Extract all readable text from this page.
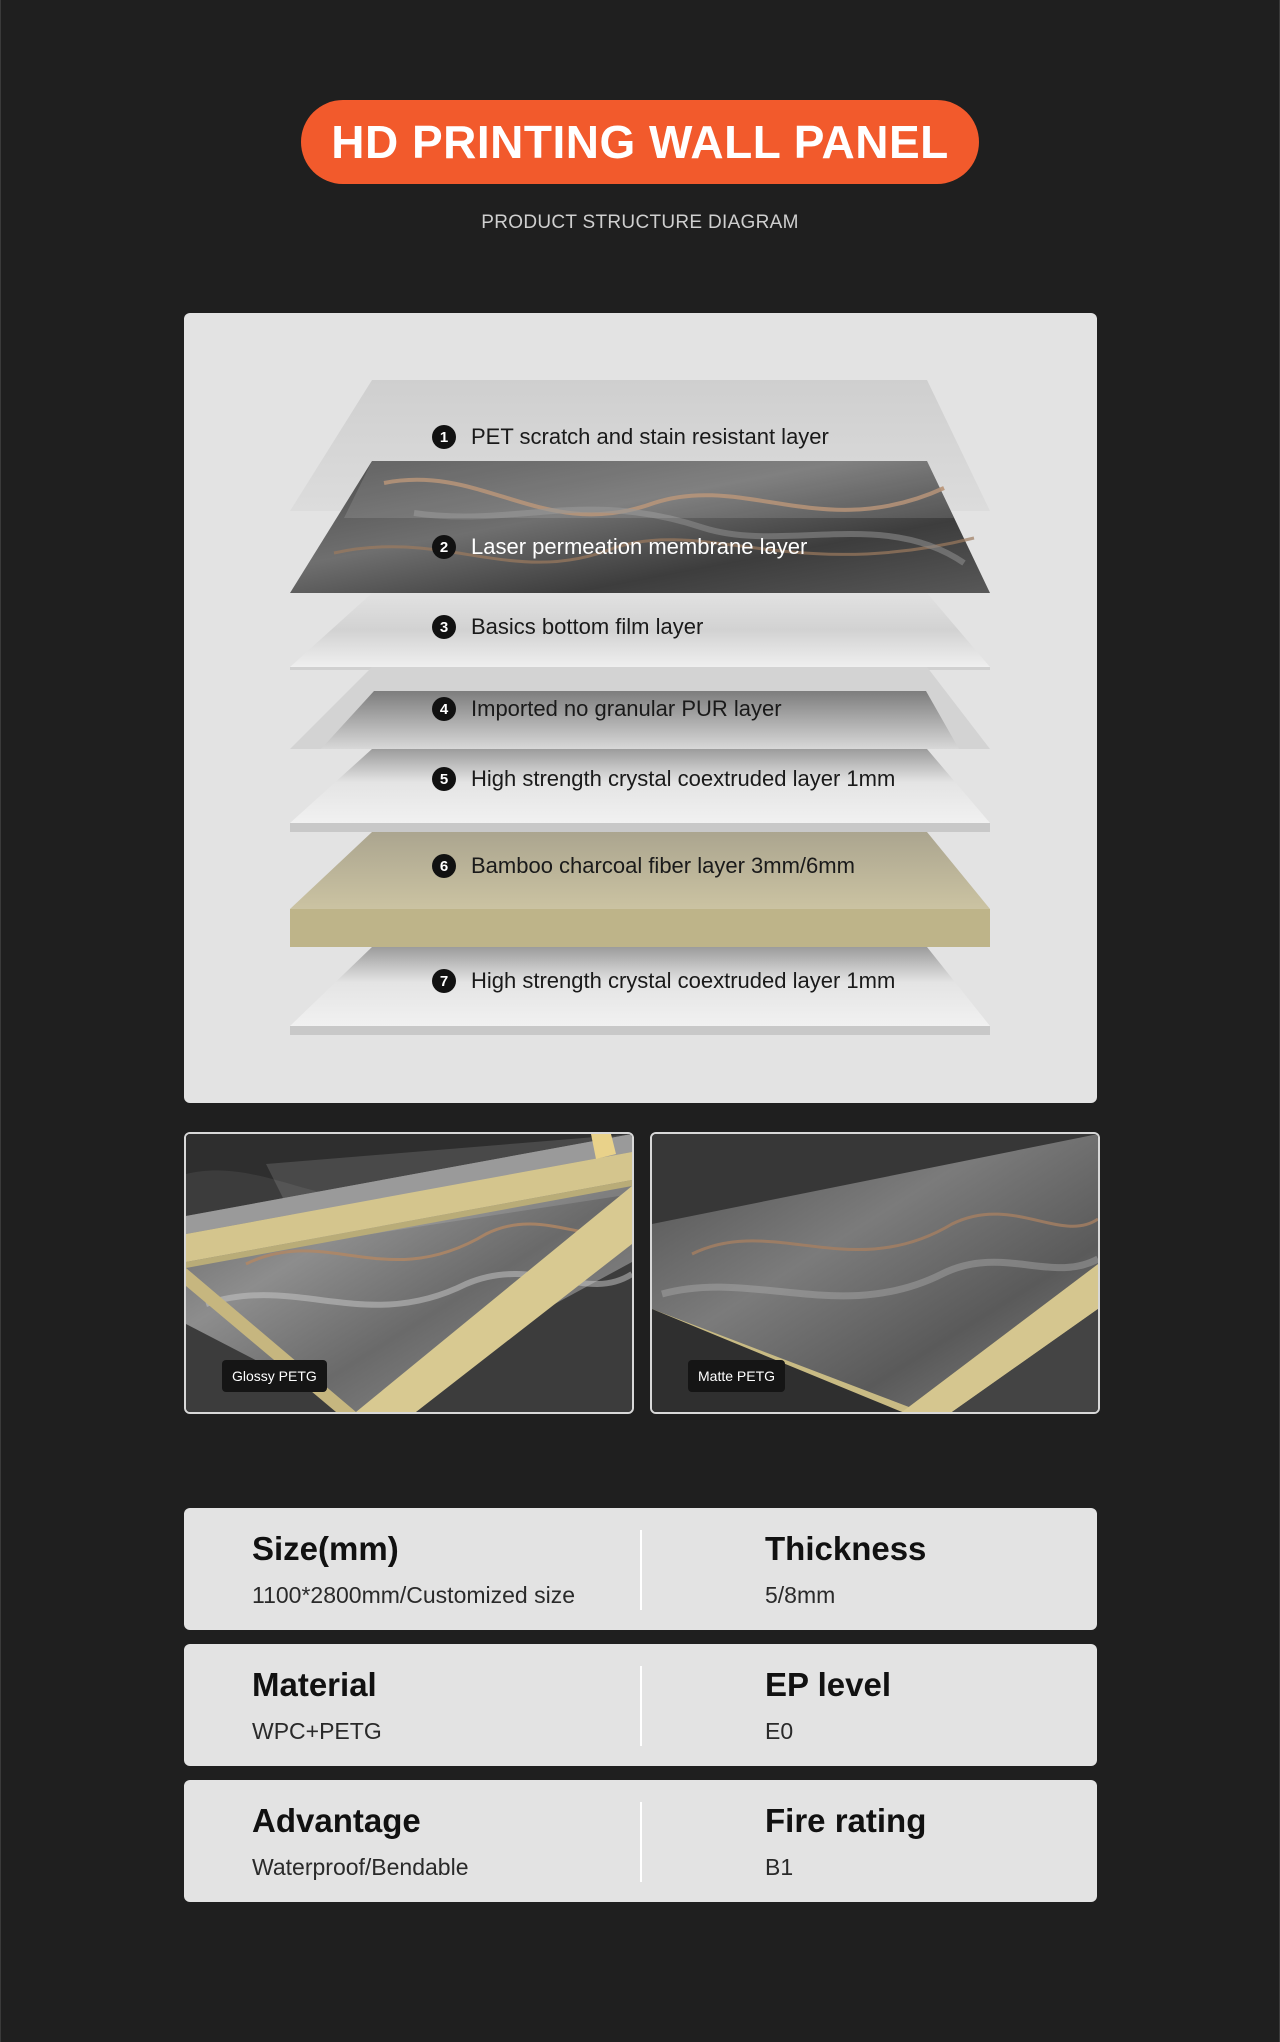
HD PRINTING WALL PANEL
PRODUCT STRUCTURE DIAGRAM
1	PET scratch and stain resistant layer
2	Laser permeation membrane layer
3	Basics bottom film layer
4	Imported no granular PUR layer
5	High strength crystal coextruded layer 1mm
6	Bamboo charcoal fiber layer 3mm/6mm
7	High strength crystal coextruded layer 1mm
Glossy PETG	Matte PETG
Size(mm)
1100*2800mm/Customized size
Thickness
5/8mm
Material
WPC+PETG
EP level
E0
Advantage
Waterproof/Bendable
Fire rating
B1
